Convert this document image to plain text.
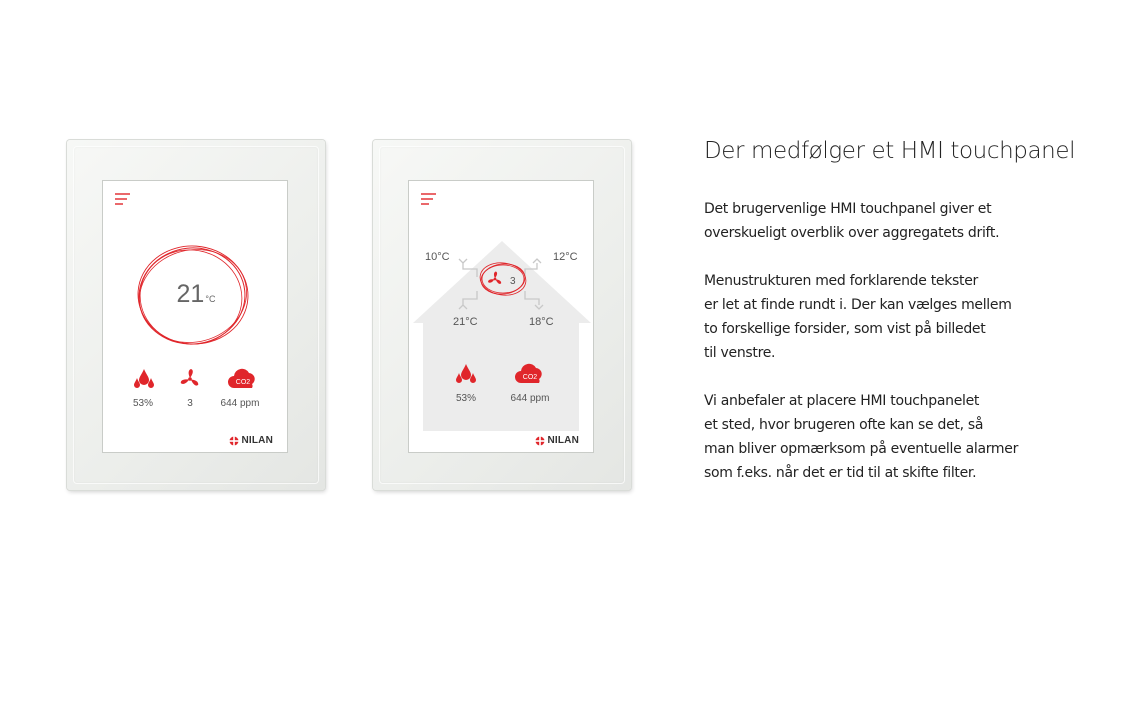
21°C
53%	3
CO2
644 ppm
NILAN
10°C	12°C
21°C	18°C
3
53%
CO2
644 ppm
NILAN
Der medfølger et HMI touchpanel

Det brugervenlige HMI touchpanel giver et
overskueligt overblik over aggregatets drift.

Menustrukturen med forklarende tekster
er let at finde rundt i. Der kan vælges mellem
to forskellige forsider, som vist på billedet
til venstre.

Vi anbefaler at placere HMI touchpanelet
et sted, hvor brugeren ofte kan se det, så
man bliver opmærksom på eventuelle alarmer
som f.eks. når det er tid til at skifte filter.
